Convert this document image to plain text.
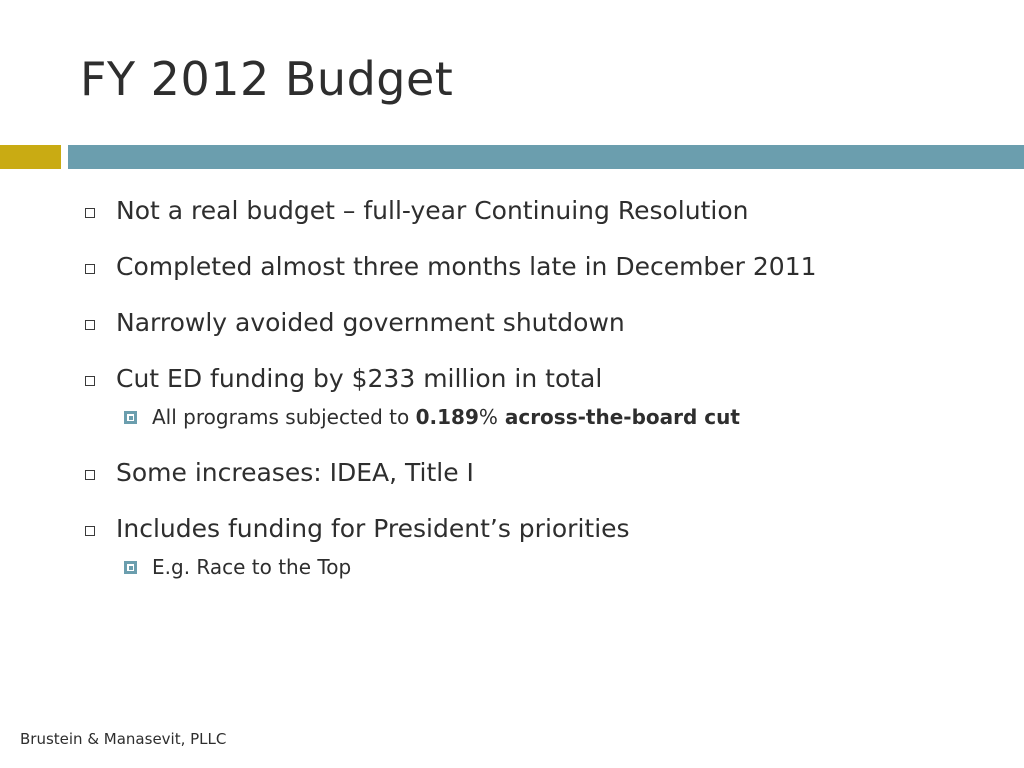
FY 2012 Budget
Not a real budget – full-year Continuing Resolution
Completed almost three months late in December 2011
Narrowly avoided government shutdown
Cut ED funding by $233 million in total
All programs subjected to 0.189% across-the-board cut
Some increases: IDEA, Title I
Includes funding for President’s priorities
E.g. Race to the Top
Brustein & Manasevit, PLLC
